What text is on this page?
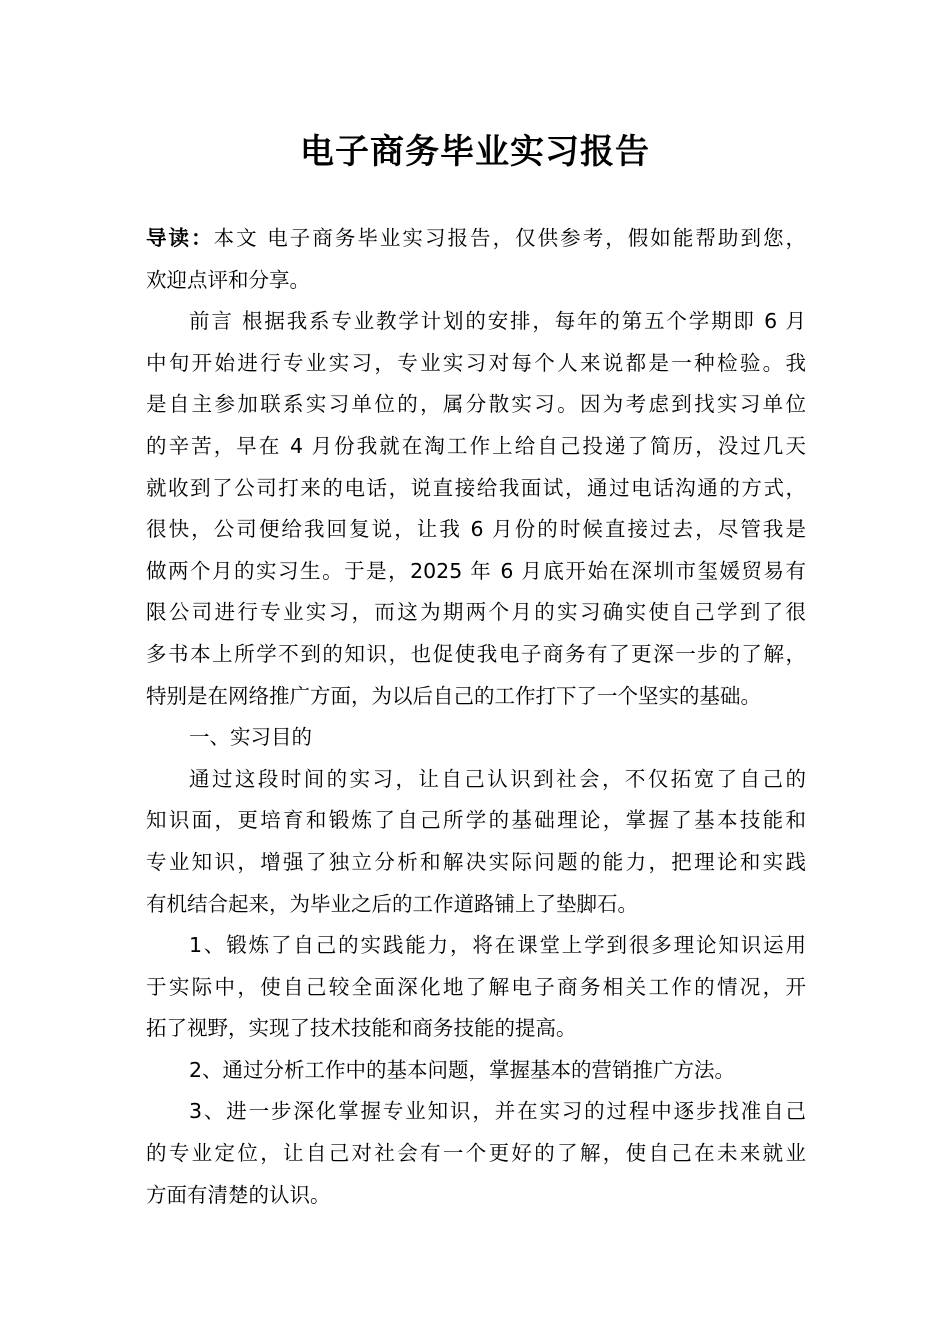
电子商务毕业实习报告
导读：本文 电子商务毕业实习报告，仅供参考，假如能帮助到您，
欢迎点评和分享。
前言 根据我系专业教学计划的安排，每年的第五个学期即 6 月
中旬开始进行专业实习，专业实习对每个人来说都是一种检验。我
是自主参加联系实习单位的，属分散实习。因为考虑到找实习单位
的辛苦，早在 4 月份我就在淘工作上给自己投递了简历，没过几天
就收到了公司打来的电话，说直接给我面试，通过电话沟通的方式，
很快，公司便给我回复说，让我 6 月份的时候直接过去，尽管我是
做两个月的实习生。于是，2025 年 6 月底开始在深圳市玺媛贸易有
限公司进行专业实习，而这为期两个月的实习确实使自己学到了很
多书本上所学不到的知识，也促使我电子商务有了更深一步的了解，
特别是在网络推广方面，为以后自己的工作打下了一个坚实的基础。
一、实习目的
通过这段时间的实习，让自己认识到社会，不仅拓宽了自己的
知识面，更培育和锻炼了自己所学的基础理论，掌握了基本技能和
专业知识，增强了独立分析和解决实际问题的能力，把理论和实践
有机结合起来，为毕业之后的工作道路铺上了垫脚石。
1、锻炼了自己的实践能力，将在课堂上学到很多理论知识运用
于实际中，使自己较全面深化地了解电子商务相关工作的情况，开
拓了视野，实现了技术技能和商务技能的提高。
2、通过分析工作中的基本问题，掌握基本的营销推广方法。
3、进一步深化掌握专业知识，并在实习的过程中逐步找准自己
的专业定位，让自己对社会有一个更好的了解，使自己在未来就业
方面有清楚的认识。
